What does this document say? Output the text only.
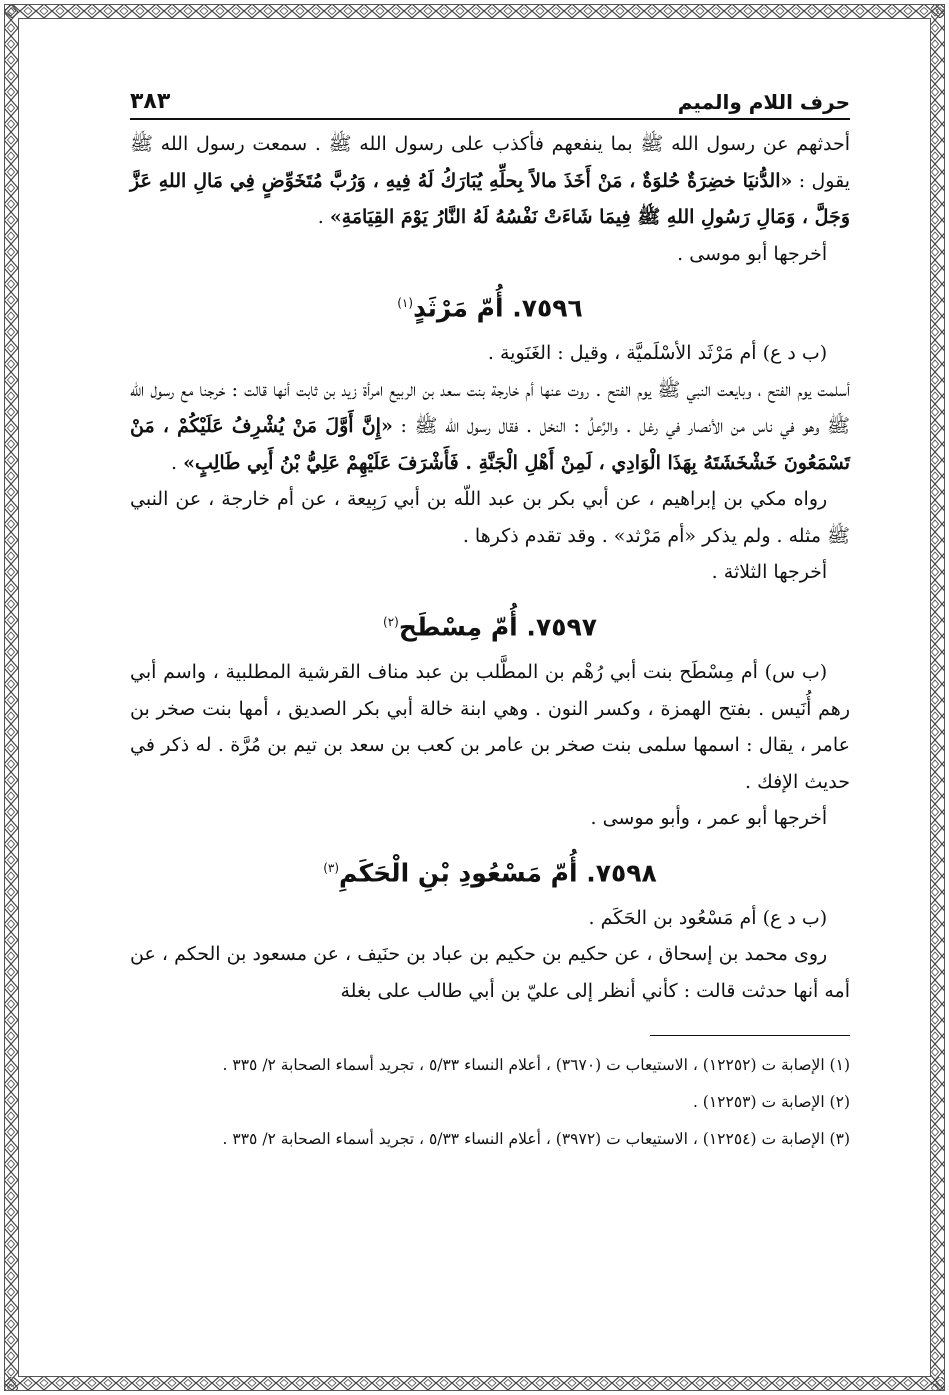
حرف اللام والميم
٣٨٣

أحدثهم عن رسول الله ﷺ بما ينفعهم فأكذب على رسول الله ﷺ . سمعت رسول الله ﷺ يقول : «الدُّنيَا خضِرَةٌ حُلوَةٌ ، مَنْ أَخَذَ مالاً بِحلِّهِ يُبَارَكُ لَهُ فِيهِ ، وَرُبَّ مُتَخَوِّضٍ فِي مَالِ اللهِ عَزَّ وَجَلَّ ، وَمَالِ رَسُولِ اللهِ ﷺ فِيمَا شَاءَتْ نَفْسُهُ لَهُ النَّارُ يَوْمَ القِيَامَةِ» .

أخرجها أبو موسى .

٧٥٩٦. أُمّ مَرْثَدٍ$^{(١)}$

(ب د ع) أم مَرْثَد الأسْلَميَّة ، وقيل : الغَنَوية .

أسلمت يوم الفتح ، وبايعت النبي ﷺ يوم الفتح . روت عنها أم خارجة بنت سعد بن الربيع امرأة زيد بن ثابت أنها قالت : خرجنا مع رسول الله ﷺ وهو في ناس من الأنصار في رغل . والرَّعلُ : النخل . فقال رسول الله ﷺ : «إِنَّ أَوَّلَ مَنْ يُشْرِفُ عَلَيْكُمْ ، مَنْ تَسْمَعُونَ خَشْخَشَتَهُ بِهَذَا الْوَادِي ، لَمِنْ أَهْلِ الْجَنَّةِ . فَأَشْرَفَ عَلَيْهِمْ عَلِيُّ بْنُ أَبِي طَالِبٍ» .

رواه مكي بن إبراهيم ، عن أبي بكر بن عبد اللّه بن أبي رَبِيعة ، عن أم خارجة ، عن النبي ﷺ مثله . ولم يذكر «أم مَرْثد» . وقد تقدم ذكرها .

أخرجها الثلاثة .

٧٥٩٧. أُمّ مِسْطَح$^{(٢)}$

(ب س) أم مِسْطَح بنت أبي رُهْم بن المطَّلب بن عبد مناف القرشية المطلبية ، واسم أبي رهم أُنَيس . بفتح الهمزة ، وكسر النون . وهي ابنة خالة أبي بكر الصديق ، أمها بنت صخر بن عامر ، يقال : اسمها سلمى بنت صخر بن عامر بن كعب بن سعد بن تيم بن مُرَّة . له ذكر في حديث الإفك .

أخرجها أبو عمر ، وأبو موسى .

٧٥٩٨. أُمّ مَسْعُودِ بْنِ الْحَكَمِ$^{(٣)}$

(ب د ع) أم مَسْعُود بن الحَكَم .

روى محمد بن إسحاق ، عن حكيم بن حكيم بن عباد بن حنَيف ، عن مسعود بن الحكم ، عن أمه أنها حدثت قالت : كأني أنظر إلى عليّ بن أبي طالب على بغلة

(١) الإصابة ت (١٢٢٥٢) ، الاستيعاب ت (٣٦٧٠) ، أعلام النساء ٥/٣٣ ، تجريد أسماء الصحابة ٢/ ٣٣٥ .

(٢) الإصابة ت (١٢٢٥٣) .

(٣) الإصابة ت (١٢٢٥٤) ، الاستيعاب ت (٣٩٧٢) ، أعلام النساء ٥/٣٣ ، تجريد أسماء الصحابة ٢/ ٣٣٥ .
